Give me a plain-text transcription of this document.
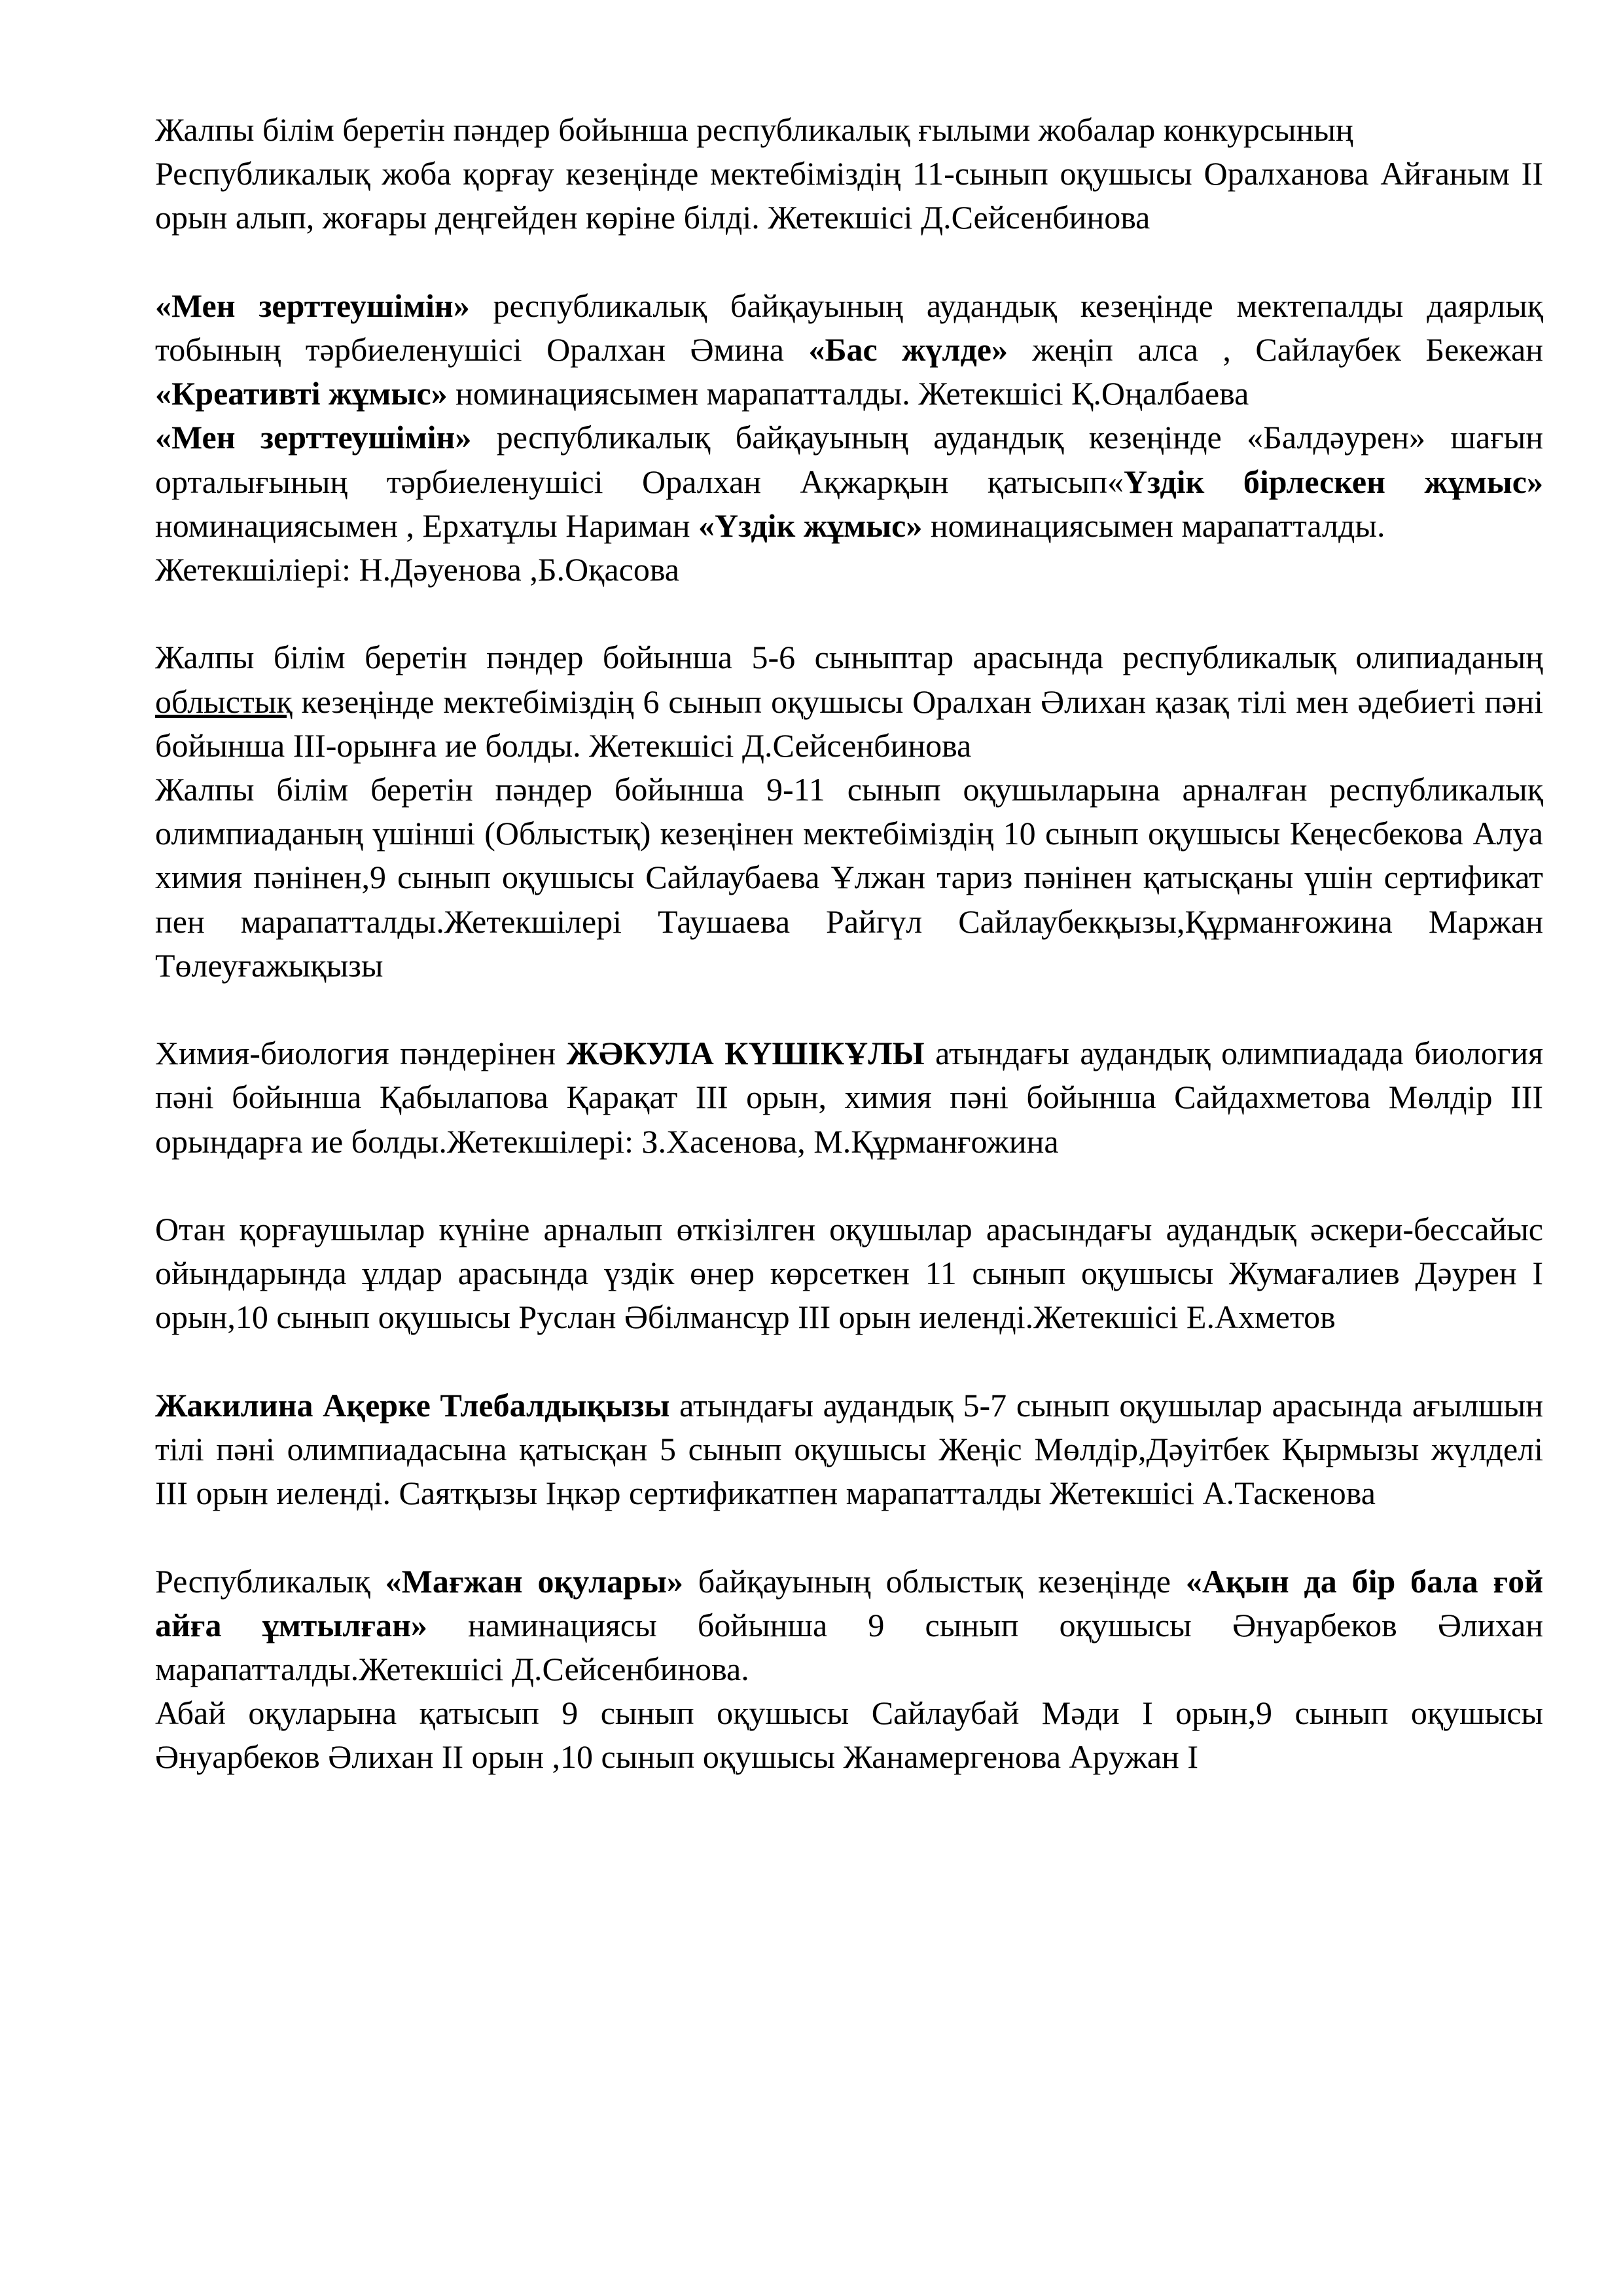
Жалпы білім беретін пәндер бойынша республикалық ғылыми жобалар конкурсының

Республикалық жоба қорғау кезеңінде мектебіміздің 11-сынып оқушысы Оралханова Айғаным ІІ орын алып, жоғары деңгейден көріне білді. Жетекшісі Д.Сейсенбинова

«Мен зерттеушімін» республикалық байқауының аудандық кезеңінде мектепалды даярлық тобының тәрбиеленушісі Оралхан Әмина «Бас жүлде» жеңіп алса , Сайлаубек Бекежан «Креативті жұмыс» номинациясымен марапатталды. Жетекшісі Қ.Оңалбаева

«Мен зерттеушімін» республикалық байқауының аудандық кезеңінде «Балдәурен» шағын орталығының тәрбиеленушісі Оралхан Ақжарқын қатысып«Үздік бірлескен жұмыс» номинациясымен , Ерхатұлы Нариман «Үздік жұмыс» номинациясымен марапатталды.

Жетекшіліері: Н.Дәуенова ,Б.Оқасова

Жалпы білім беретін пәндер бойынша 5-6 сыныптар арасында республикалық олипиаданың облыстық кезеңінде мектебіміздің 6 сынып оқушысы Оралхан Әлихан қазақ тілі мен әдебиеті пәні бойынша ІІІ-орынға ие болды. Жетекшісі Д.Сейсенбинова

Жалпы білім беретін пәндер бойынша 9-11 сынып оқушыларына арналған республикалық олимпиаданың үшінші (Облыстық) кезеңінен мектебіміздің 10 сынып оқушысы Кеңесбекова Алуа химия пәнінен,9 сынып оқушысы Сайлаубаева Ұлжан тариз пәнінен қатысқаны үшін сертификат пен марапатталды.Жетекшілері Таушаева Райгүл Сайлаубекқызы,Құрманғожина Маржан Төлеуғажықызы

Химия-биология пәндерінен ЖӘКУЛА КҮШІКҰЛЫ атындағы аудандық олимпиадада биология пәні бойынша Қабылапова Қарақат ІІІ орын, химия пәні бойынша Сайдахметова Мөлдір ІІІ орындарға ие болды.Жетекшілері: З.Хасенова, М.Құрманғожина

Отан қорғаушылар күніне арналып өткізілген оқушылар арасындағы аудандық әскери-бессайыс ойындарында ұлдар арасында үздік өнер көрсеткен 11 сынып оқушысы Жумағалиев Дәурен І орын,10 сынып оқушысы Руслан Әбілмансұр ІІІ орын иеленді.Жетекшісі Е.Ахметов

Жакилина Ақерке Тлебалдықызы атындағы аудандық 5-7 сынып оқушылар арасында ағылшын тілі пәні олимпиадасына қатысқан 5 сынып оқушысы Жеңіс Мөлдір,Дәуітбек Қырмызы жүлделі ІІІ орын иеленді. Саятқызы Іңкәр сертификатпен марапатталды Жетекшісі А.Таскенова

Республикалық «Мағжан оқулары» байқауының облыстық кезеңінде «Ақын да бір бала ғой айға ұмтылған» наминациясы бойынша 9 сынып оқушысы Әнуарбеков Әлихан марапатталды.Жетекшісі Д.Сейсенбинова.

Абай оқуларына қатысып 9 сынып оқушысы Сайлаубай Мәди І орын,9 сынып оқушысы Әнуарбеков Әлихан ІІ орын ,10 сынып оқушысы Жанамергенова Аружан І
